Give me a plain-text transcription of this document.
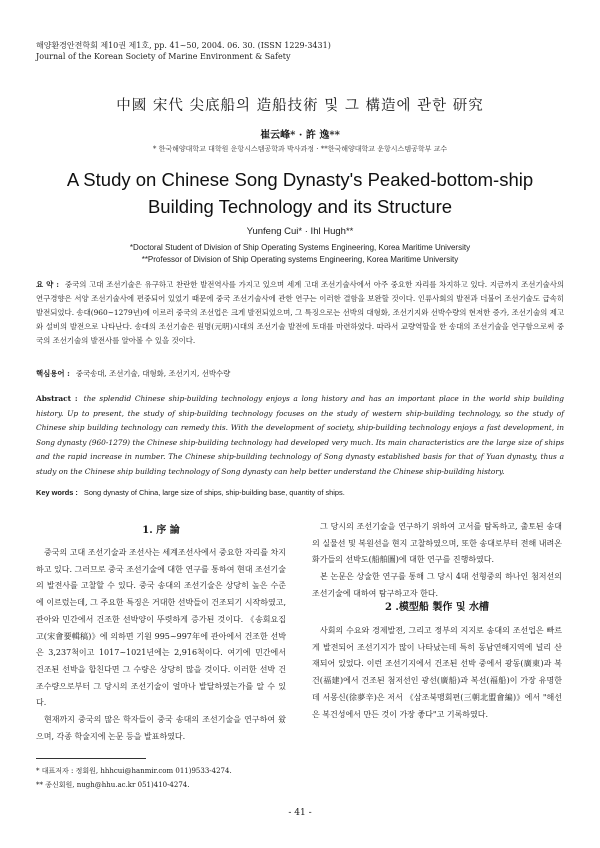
해양환경안전학회 제10권 제1호, pp. 41~50, 2004. 06. 30. (ISSN 1229-3431)
Journal of the Korean Society of Marine Environment & Safety
中國 宋代 尖底船의 造船技術 및 그 構造에 관한 研究
崔云峰* · 許 逸**
* 한국해양대학교 대학원 운항시스템공학과 박사과정 · **한국해양대학교 운항시스템공학부 교수
A Study on Chinese Song Dynasty's Peaked-bottom-ship
Building Technology and its Structure
Yunfeng Cui* · Ihl Hugh**
*Doctoral Student of Division of Ship Operating Systems Engineering, Korea Maritime University
**Professor of Division of Ship Operating systems Engineering, Korea Maritime University
요 약 : 중국의 고대 조선기술은 유구하고 찬란한 발전역사를 가지고 있으며 세계 고대 조선기술사에서 아주 중요한 자리를 차지하고 있다. 지금까지 조선기술사의 연구경향은 서양 조선기술사에 편중되어 있었기 때문에 중국 조선기술사에 관한 연구는 이러한 결함을 보완할 것이다. 인류사회의 발전과 더불어 조선기술도 급속히 발전되었다. 송대(960~1279년)에 이르러 중국의 조선업은 크게 발전되었으며, 그 특징으로는 선박의 대형화, 조선기지와 선박수량의 현저한 증가, 조선기술의 제고와 설비의 발전으로 나타난다. 송대의 조선기술은 원명(元明)시대의 조선기술 발전에 토대를 마련하였다. 따라서 교량역할을 한 송대의 조선기술을 연구함으로써 중국의 조선기술의 발전사를 알아볼 수 있을 것이다.
핵심용어 : 중국송대, 조선기술, 대형화, 조선기지, 선박수량
Abstract : the splendid Chinese ship-building technology enjoys a long history and has an important place in the world ship building history. Up to present, the study of ship-building technology focuses on the study of western ship-building technology, so the study of Chinese ship building technology can remedy this. With the development of society, ship-building technology enjoys a fast development, in Song dynasty (960-1279) the Chinese ship-building technology had developed very much. Its main characteristics are the large size of ships and the rapid increase in number. The Chinese ship-building technology of Song dynasty established basis for that of Yuan dynasty, thus a study on the Chinese ship building technology of Song dynasty can help better understand the Chinese ship-building history.
Key words : Song dynasty of China, large size of ships, ship-building base, quantity of ships.
1. 序 論

중국의 고대 조선기술과 조선사는 세계조선사에서 중요한 자리를 차지하고 있다. 그러므로 중국 조선기술에 대한 연구를 통하여 현대 조선기술의 발전사를 고찰할 수 있다. 중국 송대의 조선기술은 상당히 높은 수준에 이르렀는데, 그 주요한 특징은 거대한 선박들이 건조되기 시작하였고, 관아와 민간에서 건조한 선박양이 뚜렷하게 증가된 것이다. 《송회요집고(宋會要輯稿)》에 의하면 기원 995~997年에 관아에서 건조한 선박은 3,237척이고 1017~1021년에는 2,916척이다. 여기에 민간에서 건조된 선박을 합친다면 그 수량은 상당히 많을 것이다. 이러한 선박 건조수량으로부터 그 당시의 조선기술이 얼마나 발달하였는가를 알 수 있다.

현재까지 중국의 많은 학자들이 중국 송대의 조선기술을 연구하여 왔으며, 각종 학술지에 논문 등을 발표하였다.

그 당시의 조선기술을 연구하기 위하여 고서를 탐독하고, 출토된 송대의 실물선 및 복원선을 현지 고찰하였으며, 또한 송대로부터 전해 내려온 화가들의 선박도(船舶圖)에 대한 연구를 진행하였다.

본 논문은 상술한 연구를 통해 그 당시 4대 선형중의 하나인 첨저선의 조선기술에 대하여 탐구하고자 한다.

2 .模型船 製作 및 水槽

사회의 수요와 경제발전, 그리고 정부의 지지로 송대의 조선업은 빠르게 발전되어 조선기지가 많이 나타났는데 특히 동남연해지역에 널리 산재되어 있었다. 이런 조선기지에서 건조된 선박 중에서 광동(廣東)과 복건(福建)에서 건조된 첨저선인 광선(廣船)과 복선(福船)이 가장 유명한데 서몽신(徐夢辛)은 저서 《삼조북맹회편(三朝北盟會編)》에서 "해선은 복건성에서 만든 것이 가장 좋다"고 기록하였다.

* 대표저자 : 정회원, hhhcui@hanmir.com 011)9533-4274.
** 종신회원, nugh@hhu.ac.kr 051)410-4274.
- 41 -
